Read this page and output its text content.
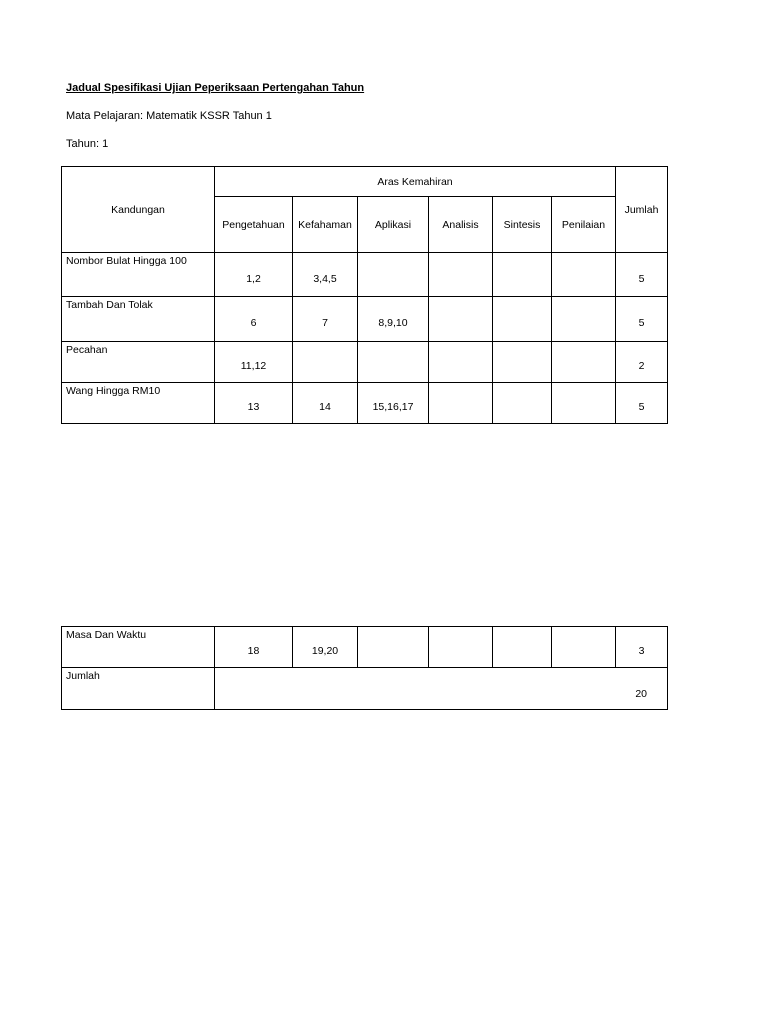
Jadual Spesifikasi Ujian Peperiksaan Pertengahan Tahun
Mata Pelajaran: Matematik KSSR Tahun 1
Tahun: 1
Kandungan	Aras Kemahiran						Jumlah
	Pengetahuan	Kefahaman	Aplikasi	Analisis	Sintesis	Penilaian	
Nombor Bulat Hingga 100	1,2	3,4,5					5
Tambah Dan Tolak	6	7	8,9,10				5
Pecahan	11,12						2
Wang Hingga RM10	13	14	15,16,17				5
Masa Dan Waktu	18	19,20					3
Jumlah	20						
